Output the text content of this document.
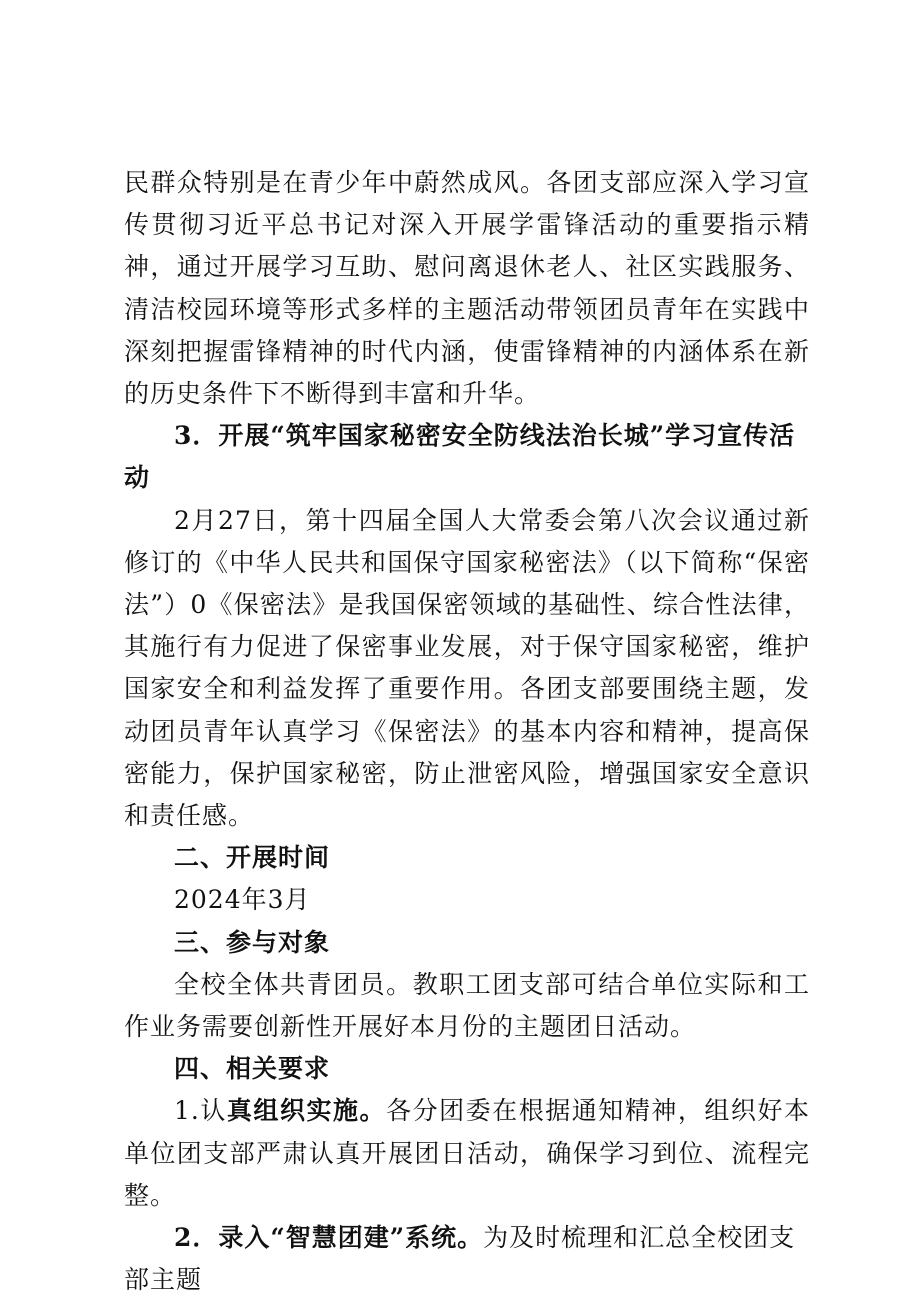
民群众特别是在青少年中蔚然成风。各团支部应深入学习宣传贯彻习近平总书记对深入开展学雷锋活动的重要指示精神，通过开展学习互助、慰问离退休老人、社区实践服务、清洁校园环境等形式多样的主题活动带领团员青年在实践中深刻把握雷锋精神的时代内涵，使雷锋精神的内涵体系在新的历史条件下不断得到丰富和升华。

3．开展“筑牢国家秘密安全防线法治长城”学习宣传活动

2月27日，第十四届全国人大常委会第八次会议通过新修订的《中华人民共和国保守国家秘密法》（以下简称“保密法”）0《保密法》是我国保密领域的基础性、综合性法律，其施行有力促进了保密事业发展，对于保守国家秘密，维护国家安全和利益发挥了重要作用。各团支部要围绕主题，发动团员青年认真学习《保密法》的基本内容和精神，提高保密能力，保护国家秘密，防止泄密风险，增强国家安全意识和责任感。

二、开展时间

2024年3月

三、参与对象

全校全体共青团员。教职工团支部可结合单位实际和工作业务需要创新性开展好本月份的主题团日活动。

四、相关要求

1.认真组织实施。各分团委在根据通知精神，组织好本单位团支部严肃认真开展团日活动，确保学习到位、流程完整。

2．录入“智慧团建”系统。为及时梳理和汇总全校团支部主题
